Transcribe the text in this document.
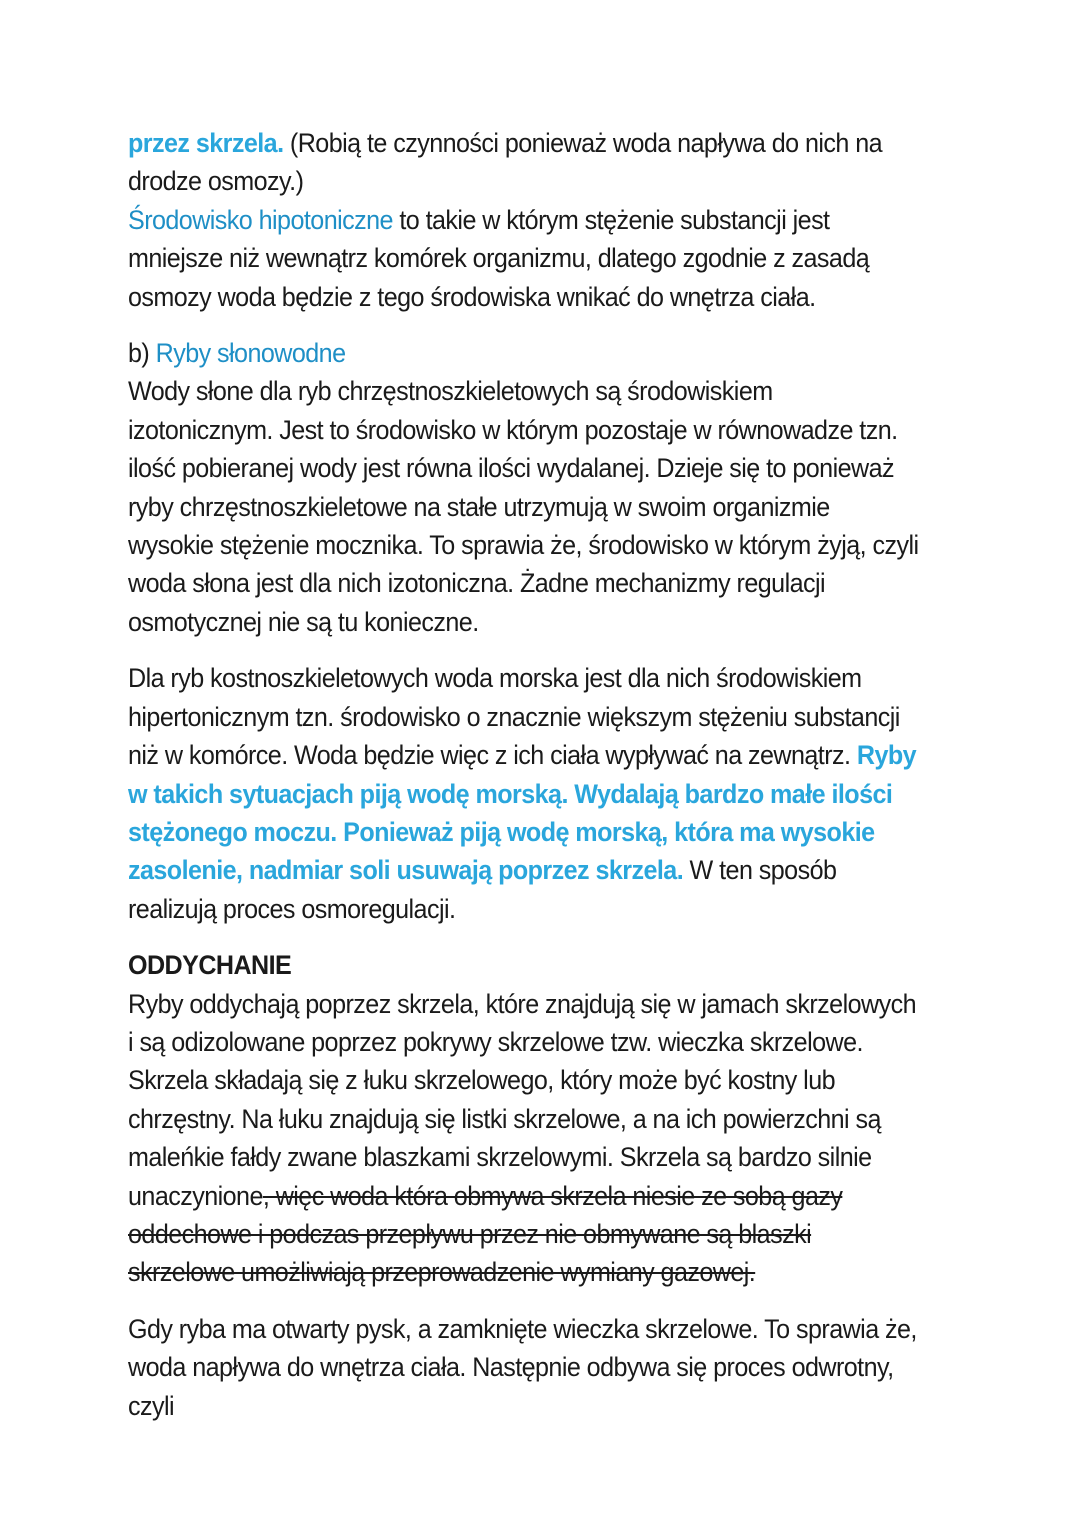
przez skrzela. (Robią te czynności ponieważ woda napływa do nich na drodze osmozy.)

Środowisko hipotoniczne to takie w którym stężenie substancji jest mniejsze niż wewnątrz komórek organizmu, dlatego zgodnie z zasadą osmozy woda będzie z tego środowiska wnikać do wnętrza ciała.

b) Ryby słonowodne

Wody słone dla ryb chrzęstnoszkieletowych są środowiskiem izotonicznym. Jest to środowisko w którym pozostaje w równowadze tzn. ilość pobieranej wody jest równa ilości wydalanej. Dzieje się to ponieważ ryby chrzęstnoszkieletowe na stałe utrzymują w swoim organizmie wysokie stężenie mocznika. To sprawia że, środowisko w którym żyją, czyli woda słona jest dla nich izotoniczna. Żadne mechanizmy regulacji osmotycznej nie są tu konieczne.

Dla ryb kostnoszkieletowych woda morska jest dla nich środowiskiem hipertonicznym tzn. środowisko o znacznie większym stężeniu substancji niż w komórce. Woda będzie więc z ich ciała wypływać na zewnątrz. Ryby w takich sytuacjach piją wodę morską. Wydalają bardzo małe ilości stężonego moczu. Ponieważ piją wodę morską, która ma wysokie zasolenie, nadmiar soli usuwają poprzez skrzela. W ten sposób realizują proces osmoregulacji.

ODDYCHANIE

Ryby oddychają poprzez skrzela, które znajdują się w jamach skrzelowych i są odizolowane poprzez pokrywy skrzelowe tzw. wieczka skrzelowe. Skrzela składają się z łuku skrzelowego, który może być kostny lub chrzęstny. Na łuku znajdują się listki skrzelowe, a na ich powierzchni są maleńkie fałdy zwane blaszkami skrzelowymi. Skrzela są bardzo silnie unaczynione, więc woda która obmywa skrzela niesie ze sobą gazy oddechowe i podczas przepływu przez nie obmywane są blaszki skrzelowe umożliwiają przeprowadzenie wymiany gazowej.

Gdy ryba ma otwarty pysk, a zamknięte wieczka skrzelowe. To sprawia że, woda napływa do wnętrza ciała. Następnie odbywa się proces odwrotny, czyli
